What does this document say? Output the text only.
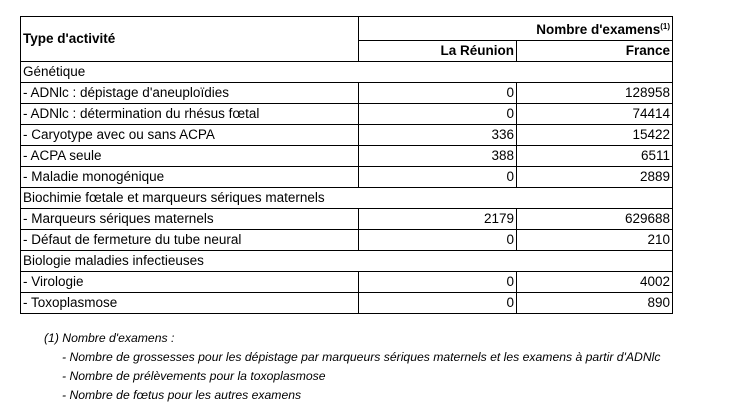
Type d'activité	Nombre d'examens$^{(1)}$
	La Réunion	France
Génétique		
- ADNlc : dépistage d'aneuploïdies	0	128958
- ADNlc : détermination du rhésus fœtal	0	74414
- Caryotype avec ou sans ACPA	336	15422
- ACPA seule	388	6511
- Maladie monogénique	0	2889
Biochimie fœtale et marqueurs sériques maternels		
- Marqueurs sériques maternels	2179	629688
- Défaut de fermeture du tube neural	0	210
Biologie maladies infectieuses		
- Virologie	0	4002
- Toxoplasmose	0	890
(1) Nombre d'examens :
- Nombre de grossesses pour les dépistage par marqueurs sériques maternels et les examens à partir d'ADNlc
- Nombre de prélèvements pour la toxoplasmose
- Nombre de fœtus pour les autres examens
